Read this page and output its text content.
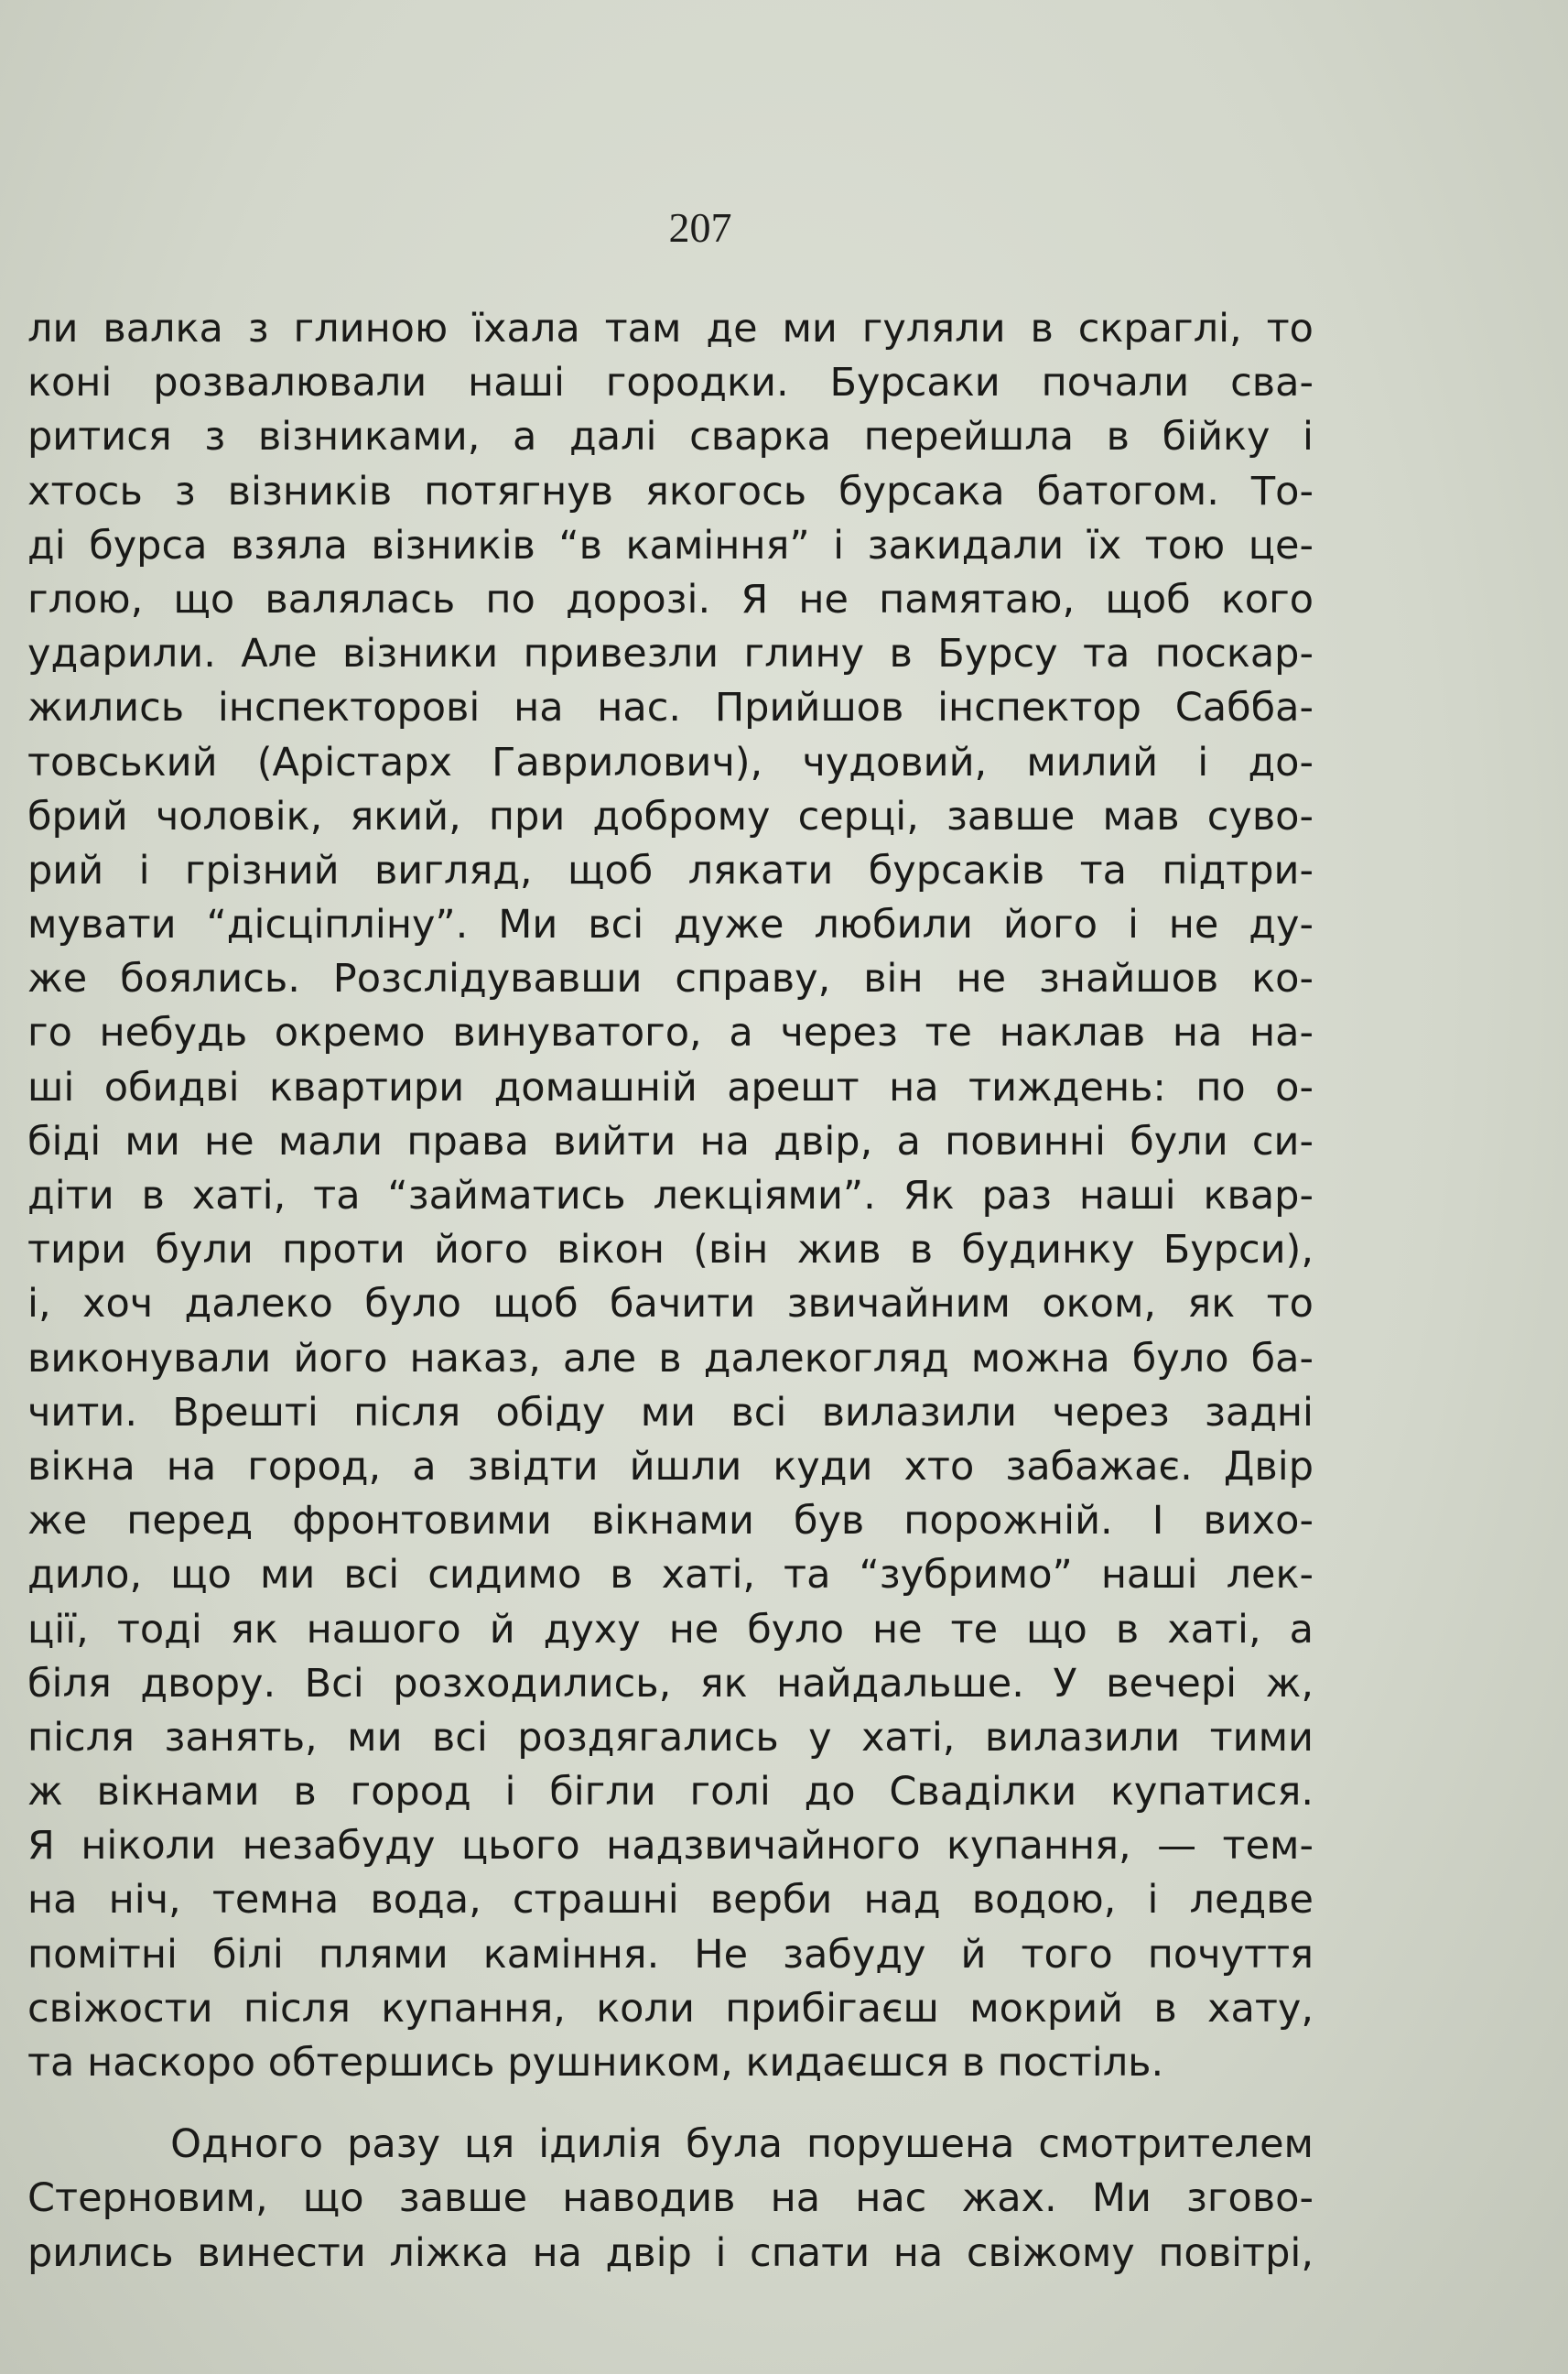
207
ли валка з глиною їхала там де ми гуляли в скраглі, то
коні розвалювали наші городки. Бурсаки почали сва-
ритися з візниками, а далі сварка перейшла в бійку і
хтось з візників потягнув якогось бурсака батогом. То-
ді бурса взяла візників “в каміння” і закидали їх тою це-
глою, що валялась по дорозі. Я не памятаю, щоб кого
ударили. Але візники привезли глину в Бурсу та поскар-
жились інспекторові на нас. Прийшов інспектор Сабба-
товський (Арістарх Гаврилович), чудовий, милий і до-
брий чоловік, який, при доброму серці, завше мав суво-
рий і грізний вигляд, щоб лякати бурсаків та підтри-
мувати “дісціпліну”. Ми всі дуже любили його і не ду-
же боялись. Розслідувавши справу, він не знайшов ко-
го небудь окремо винуватого, а через те наклав на на-
ші обидві квартири домашній арешт на тиждень: по о-
біді ми не мали права вийти на двір, а повинні були си-
діти в хаті, та “займатись лекціями”. Як раз наші квар-
тири були проти його вікон (він жив в будинку Бурси),
і, хоч далеко було щоб бачити звичайним оком, як то
виконували його наказ, але в далекогляд можна було ба-
чити. Врешті після обіду ми всі вилазили через задні
вікна на город, а звідти йшли куди хто забажає. Двір
же перед фронтовими вікнами був порожній. І вихо-
дило, що ми всі сидимо в хаті, та “зубримо” наші лек-
ції, тоді як нашого й духу не було не те що в хаті, а
біля двору. Всі розходились, як найдальше. У вечері ж,
після занять, ми всі роздягались у хаті, вилазили тими
ж вікнами в город і бігли голі до Сваділки купатися.
Я ніколи незабуду цього надзвичайного купання, — тем-
на ніч, темна вода, страшні верби над водою, і ледве
помітні білі плями каміння. Не забуду й того почуття
свіжости після купання, коли прибігаєш мокрий в хату,
та наскоро обтершись рушником, кидаєшся в постіль.
Одного разу ця ідилія була порушена смотрителем
Стерновим, що завше наводив на нас жах. Ми згово-
рились винести ліжка на двір і спати на свіжому повітрі,
